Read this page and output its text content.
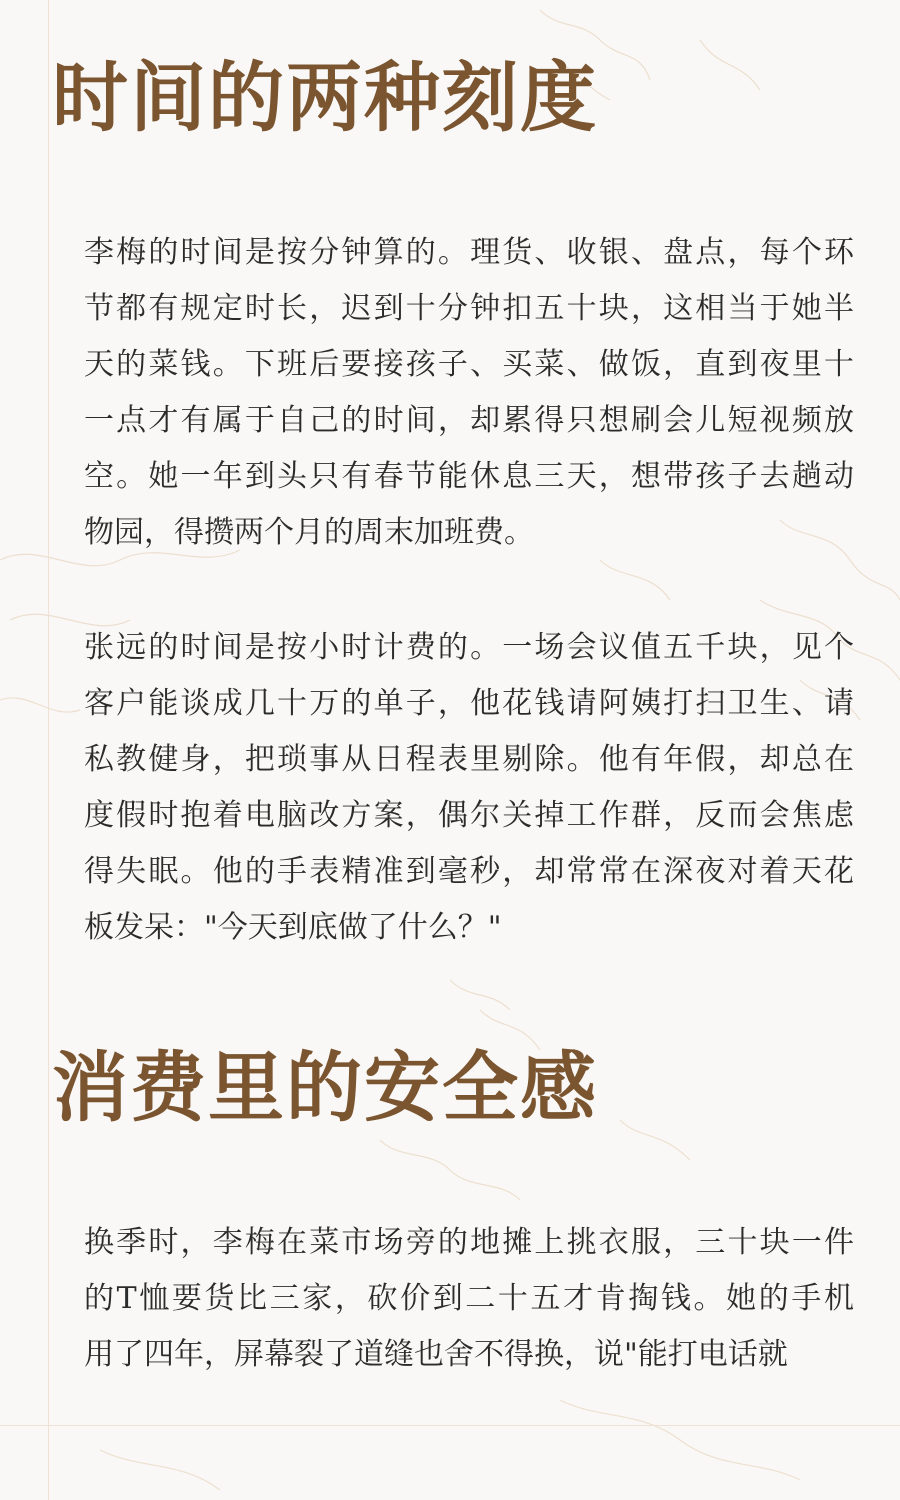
时间的两种刻度

李梅的时间是按分钟算的。理货、收银、盘点，每个环
节都有规定时长，迟到十分钟扣五十块，这相当于她半
天的菜钱。下班后要接孩子、买菜、做饭，直到夜里十
一点才有属于自己的时间，却累得只想刷会儿短视频放
空。她一年到头只有春节能休息三天，想带孩子去趟动
物园，得攒两个月的周末加班费。

张远的时间是按小时计费的。一场会议值五千块，见个
客户能谈成几十万的单子，他花钱请阿姨打扫卫生、请
私教健身，把琐事从日程表里剔除。他有年假，却总在
度假时抱着电脑改方案，偶尔关掉工作群，反而会焦虑
得失眠。他的手表精准到毫秒，却常常在深夜对着天花
板发呆："今天到底做了什么？"

消费里的安全感

换季时，李梅在菜市场旁的地摊上挑衣服，三十块一件
的T恤要货比三家，砍价到二十五才肯掏钱。她的手机
用了四年，屏幕裂了道缝也舍不得换，说"能打电话就
